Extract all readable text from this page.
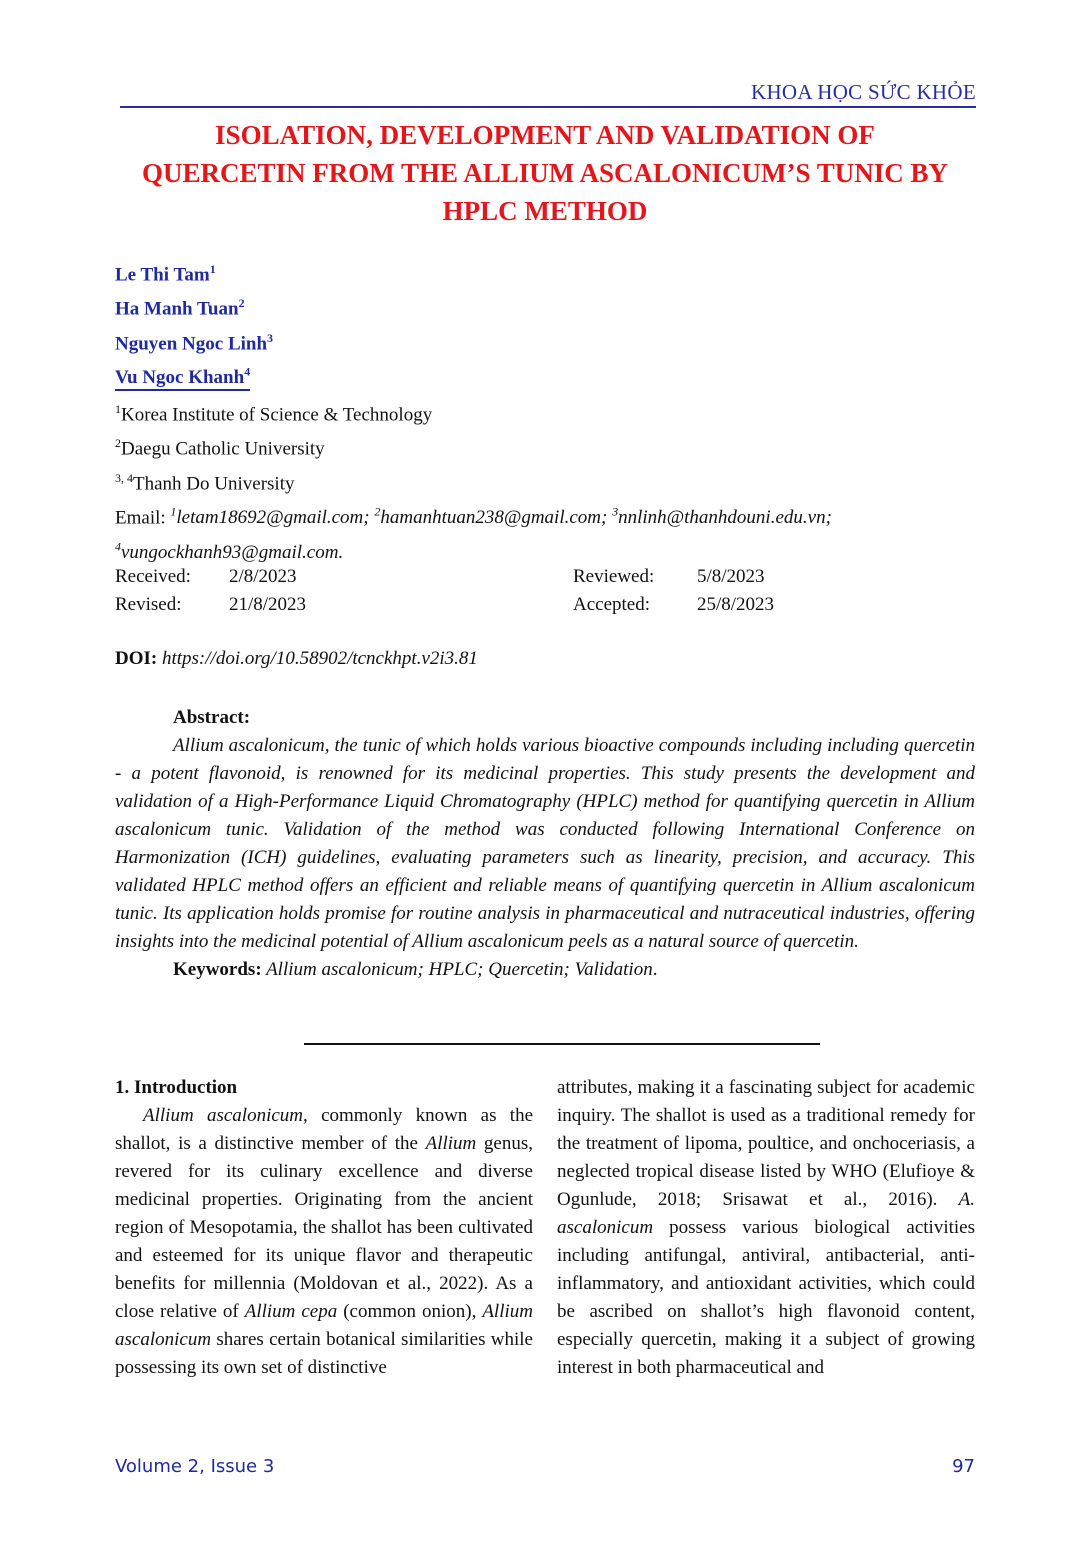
KHOA HỌC SỨC KHỎE
ISOLATION, DEVELOPMENT AND VALIDATION OF
QUERCETIN FROM THE ALLIUM ASCALONICUM’S TUNIC BY
HPLC METHOD
Le Thi Tam$^1$
Ha Manh Tuan$^2$
Nguyen Ngoc Linh$^3$
Vu Ngoc Khanh$^4$
$^1$Korea Institute of Science & Technology
$^2$Daegu Catholic University
$^{3, 4}$Thanh Do University
Email: $^1$letam18692@gmail.com; $^2$hamanhtuan238@gmail.com; $^3$nnlinh@thanhdouni.edu.vn;
$^4$vungockhanh93@gmail.com.
Received:	2/8/2023	Reviewed:	5/8/2023
Revised:	21/8/2023	Accepted:	25/8/2023
DOI: https://doi.org/10.58902/tcnckhpt.v2i3.81
Abstract:
Allium ascalonicum, the tunic of which holds various bioactive compounds including including quercetin - a potent flavonoid, is renowned for its medicinal properties. This study presents the development and validation of a High-Performance Liquid Chromatography (HPLC) method for quantifying quercetin in Allium ascalonicum tunic. Validation of the method was conducted following International Conference on Harmonization (ICH) guidelines, evaluating parameters such as linearity, precision, and accuracy. This validated HPLC method offers an efficient and reliable means of quantifying quercetin in Allium ascalonicum tunic. Its application holds promise for routine analysis in pharmaceutical and nutraceutical industries, offering insights into the medicinal potential of Allium ascalonicum peels as a natural source of quercetin.
Keywords: Allium ascalonicum; HPLC; Quercetin; Validation.
1. Introduction

Allium ascalonicum, commonly known as the shallot, is a distinctive member of the Allium genus, revered for its culinary excellence and diverse medicinal properties. Originating from the ancient region of Mesopotamia, the shallot has been cultivated and esteemed for its unique flavor and therapeutic benefits for millennia (Moldovan et al., 2022). As a close relative of Allium cepa (common onion), Allium ascalonicum shares certain botanical similarities while possessing its own set of distinctive

attributes, making it a fascinating subject for academic inquiry. The shallot is used as a traditional remedy for the treatment of lipoma, poultice, and onchoceriasis, a neglected tropical disease listed by WHO (Elufioye & Ogunlude, 2018; Srisawat et al., 2016). A. ascalonicum possess various biological activities including antifungal, antiviral, antibacterial, anti-inflammatory, and antioxidant activities, which could be ascribed on shallot’s high flavonoid content, especially quercetin, making it a subject of growing interest in both pharmaceutical and

Volume 2, Issue 3	97
